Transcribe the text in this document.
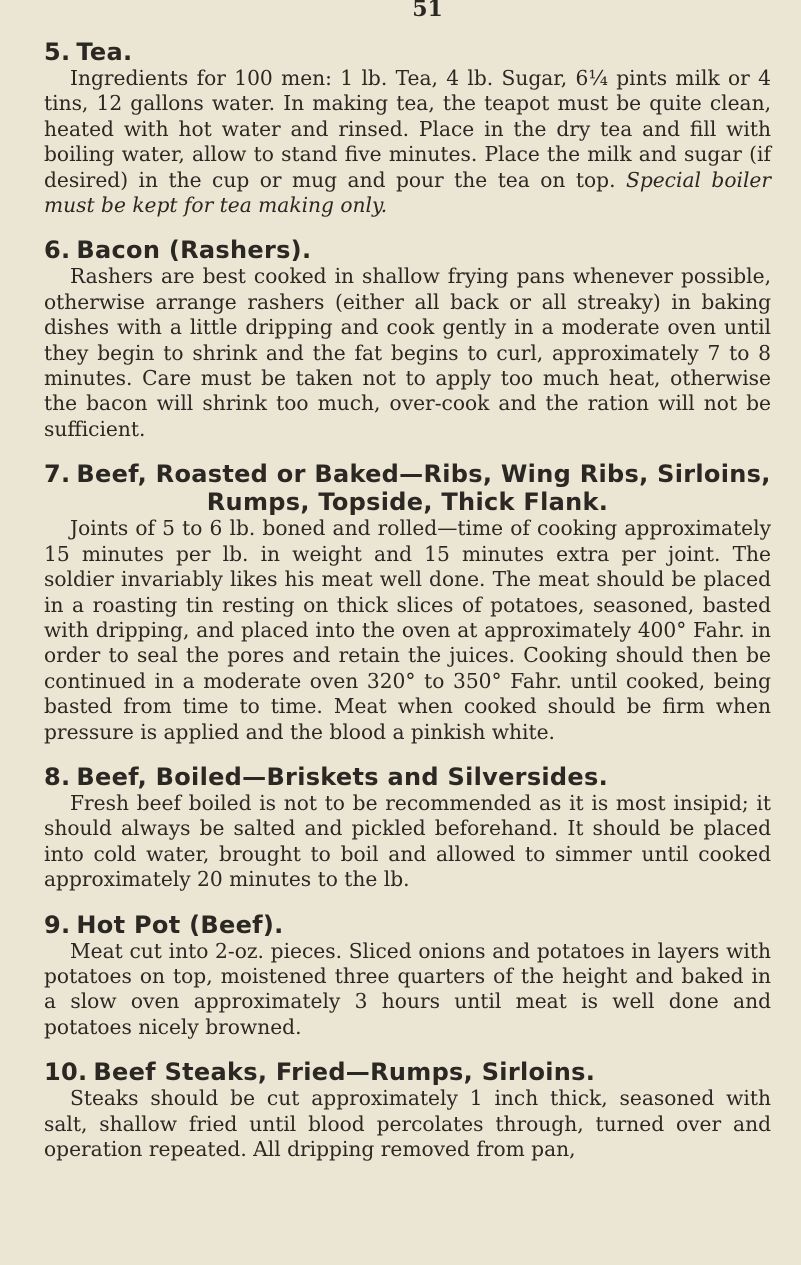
51
5. Tea.

Ingredients for 100 men: 1 lb. Tea, 4 lb. Sugar, 6¼ pints milk or 4 tins, 12 gallons water. In making tea, the teapot must be quite clean, heated with hot water and rinsed. Place in the dry tea and fill with boiling water, allow to stand five minutes. Place the milk and sugar (if desired) in the cup or mug and pour the tea on top. Special boiler must be kept for tea making only.

6. Bacon (Rashers).

Rashers are best cooked in shallow frying pans whenever possible, otherwise arrange rashers (either all back or all streaky) in baking dishes with a little dripping and cook gently in a moderate oven until they begin to shrink and the fat begins to curl, approximately 7 to 8 minutes. Care must be taken not to apply too much heat, otherwise the bacon will shrink too much, over-cook and the ration will not be sufficient.

7. Beef, Roasted or Baked—Ribs, Wing Ribs, Sirloins,
Rumps, Topside, Thick Flank.

Joints of 5 to 6 lb. boned and rolled—time of cooking approximately 15 minutes per lb. in weight and 15 minutes extra per joint. The soldier invariably likes his meat well done. The meat should be placed in a roasting tin resting on thick slices of potatoes, seasoned, basted with dripping, and placed into the oven at approximately 400° Fahr. in order to seal the pores and retain the juices. Cooking should then be continued in a moderate oven 320° to 350° Fahr. until cooked, being basted from time to time. Meat when cooked should be firm when pressure is applied and the blood a pinkish white.

8. Beef, Boiled—Briskets and Silversides.

Fresh beef boiled is not to be recommended as it is most insipid; it should always be salted and pickled beforehand. It should be placed into cold water, brought to boil and allowed to simmer until cooked approximately 20 minutes to the lb.

9. Hot Pot (Beef).

Meat cut into 2-oz. pieces. Sliced onions and potatoes in layers with potatoes on top, moistened three quarters of the height and baked in a slow oven approximately 3 hours until meat is well done and potatoes nicely browned.

10. Beef Steaks, Fried—Rumps, Sirloins.

Steaks should be cut approximately 1 inch thick, seasoned with salt, shallow fried until blood percolates through, turned over and operation repeated. All dripping removed from pan,
